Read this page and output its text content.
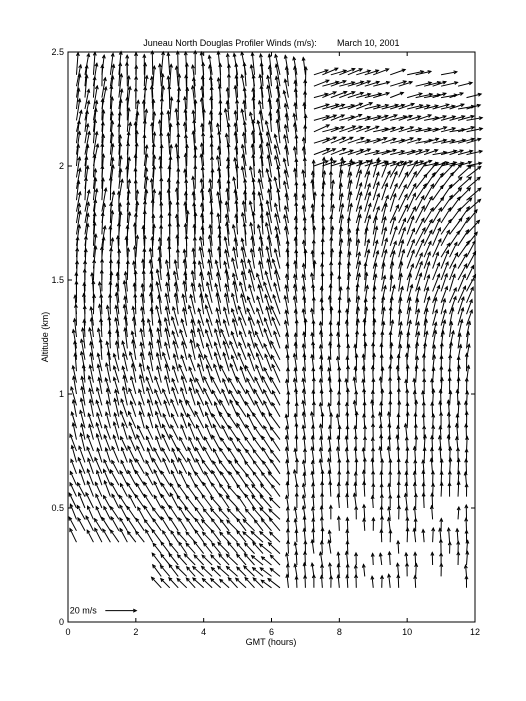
Juneau North Douglas Profiler Winds (m/s): March 10, 2001
0	2	4	6	8	10	12
0
0.5
1
1.5
2
2.5
20 m/s
GMT (hours)
Altitude (km)
